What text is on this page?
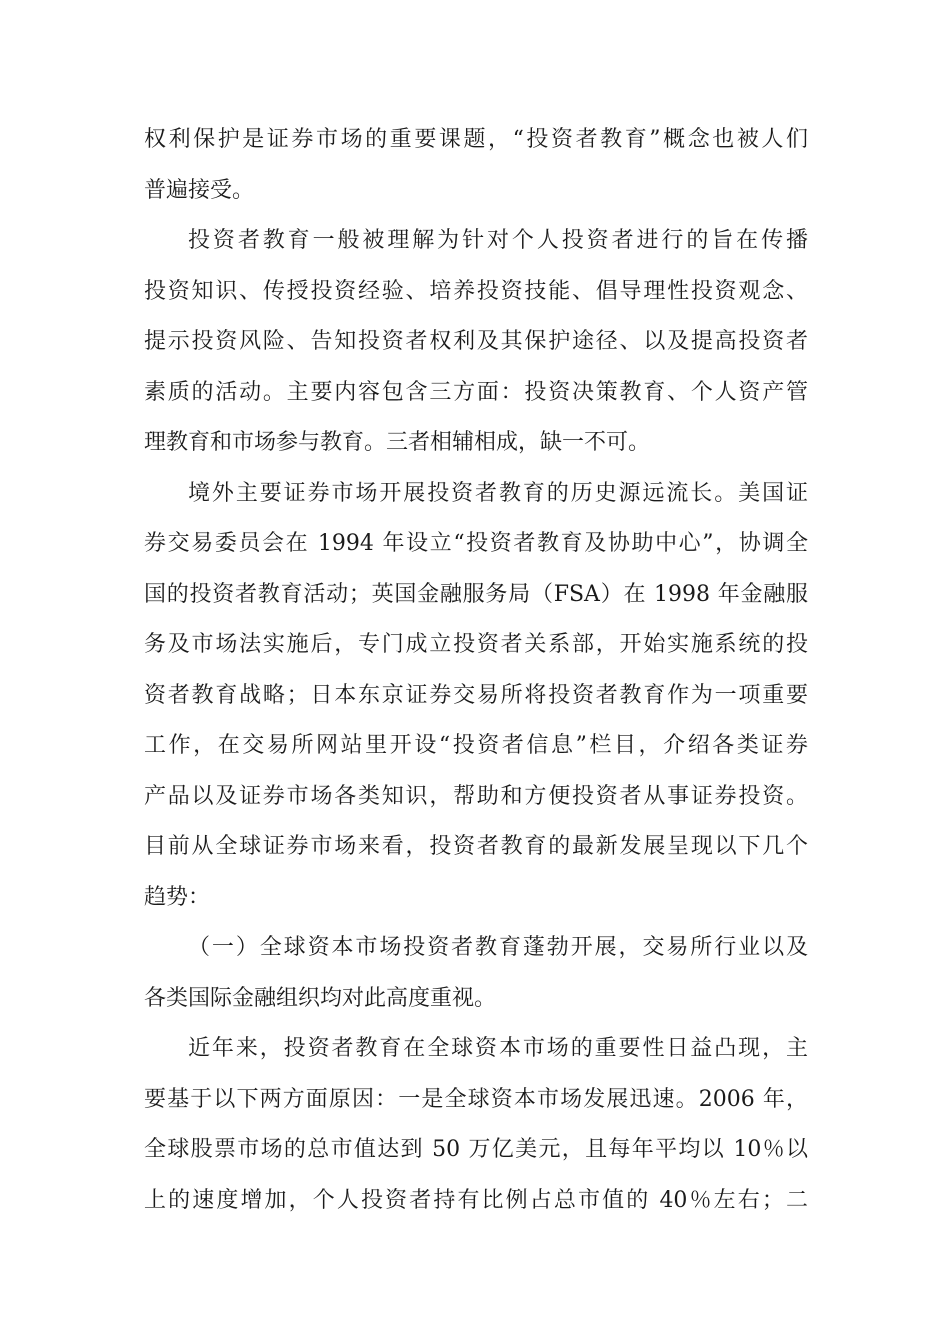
权利保护是证券市场的重要课题，“投资者教育”概念也被人们
普遍接受。
投资者教育一般被理解为针对个人投资者进行的旨在传播
投资知识、传授投资经验、培养投资技能、倡导理性投资观念、
提示投资风险、告知投资者权利及其保护途径、以及提高投资者
素质的活动。主要内容包含三方面：投资决策教育、个人资产管
理教育和市场参与教育。三者相辅相成，缺一不可。
境外主要证券市场开展投资者教育的历史源远流长。美国证
券交易委员会在 1994 年设立“投资者教育及协助中心”，协调全
国的投资者教育活动；英国金融服务局（FSA）在 1998 年金融服
务及市场法实施后，专门成立投资者关系部，开始实施系统的投
资者教育战略；日本东京证券交易所将投资者教育作为一项重要
工作，在交易所网站里开设“投资者信息”栏目，介绍各类证券
产品以及证券市场各类知识，帮助和方便投资者从事证券投资。
目前从全球证券市场来看，投资者教育的最新发展呈现以下几个
趋势：
（一）全球资本市场投资者教育蓬勃开展，交易所行业以及
各类国际金融组织均对此高度重视。
近年来，投资者教育在全球资本市场的重要性日益凸现，主
要基于以下两方面原因：一是全球资本市场发展迅速。2006 年，
全球股票市场的总市值达到 50 万亿美元，且每年平均以 10％以
上的速度增加，个人投资者持有比例占总市值的 40％左右；二
